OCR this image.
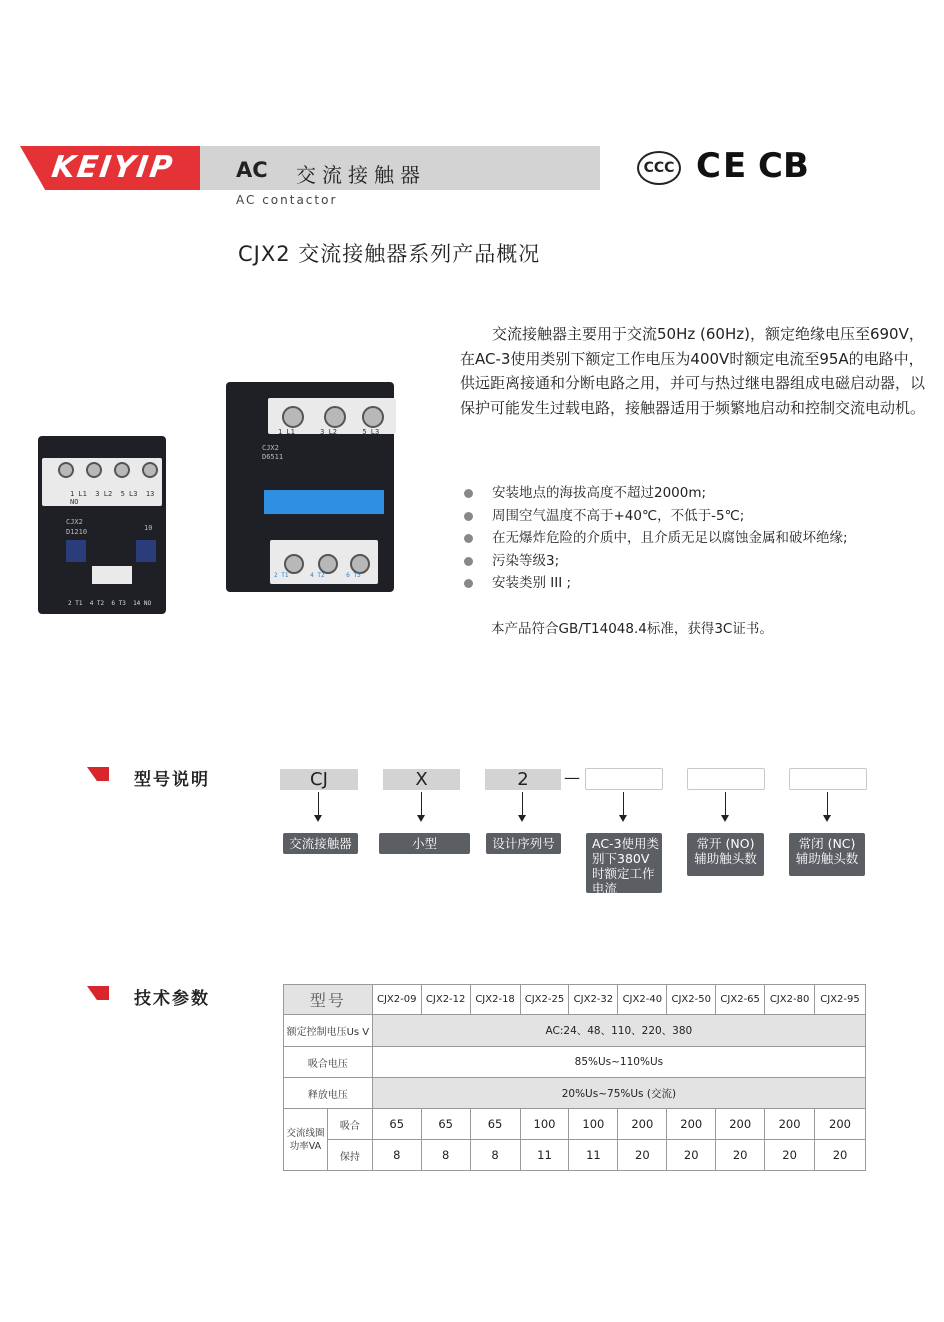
KEIYIP	AC 交流接触器
AC contactor
CCC CE CB
CJX2 交流接触器系列产品概况
1 L1 3 L2 5 L3 13 NO
CJX2
D1210	10
2 T1 4 T2 6 T3 14 NO
1 L1	3 L2	5 L3
CJX2
D6511
2 T1	4 T2	6 T3
交流接触器主要用于交流50Hz (60Hz)，额定绝缘电压至690V，在AC-3使用类别下额定工作电压为400V时额定电流至95A的电路中，供远距离接通和分断电路之用，并可与热过继电器组成电磁启动器，以保护可能发生过载电路，接触器适用于频繁地启动和控制交流电动机。
安装地点的海拔高度不超过2000m;
周围空气温度不高于+40℃，不低于-5℃;
在无爆炸危险的介质中，且介质无足以腐蚀金属和破坏绝缘;
污染等级3;
安装类别 III ;
本产品符合GB/T14048.4标准，获得3C证书。
型号说明	CJ	X	2	—
交流接触器	小型	设计序列号	AC-3使用类别下380V时额定工作电流
常开 (NO) 辅助触头数
常闭 (NC) 辅助触头数
技术参数	型号		CJX2-09	CJX2-12	CJX2-18	CJX2-25	CJX2-32	CJX2-40	CJX2-50	CJX2-65	CJX2-80	CJX2-95
额定控制电压Us V		AC:24、48、110、220、380									
吸合电压		85%Us~110%Us									
释放电压		20%Us~75%Us (交流)									
交流线圈功率VA	吸合	65	65	65	100	100	200	200	200	200	200
	保持	8	8	8	11	11	20	20	20	20	20
